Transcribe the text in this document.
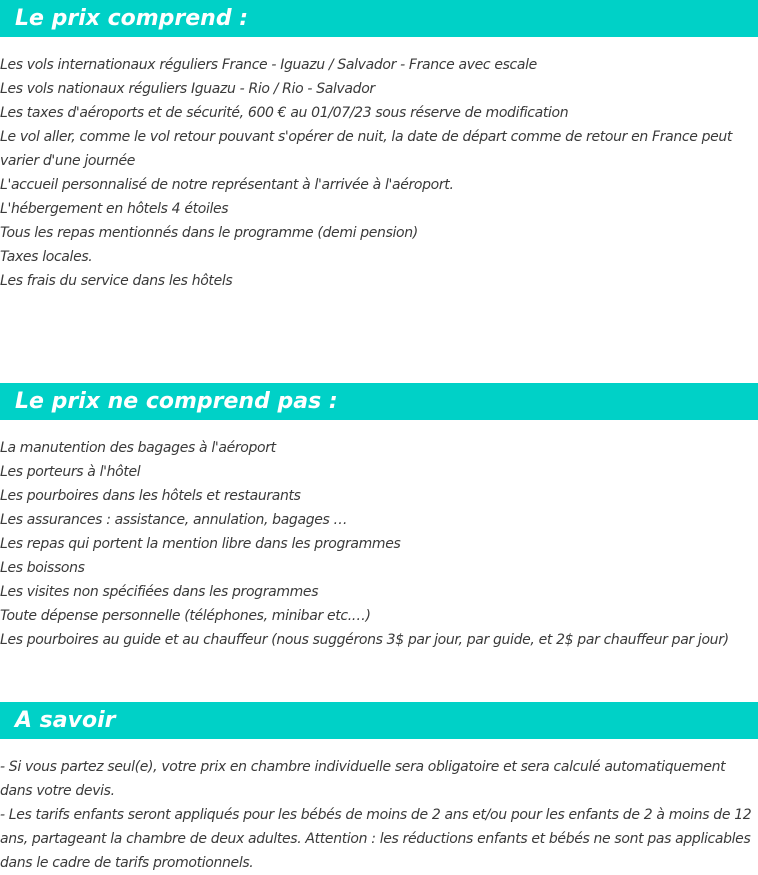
Le prix comprend :
Les vols internationaux réguliers France - Iguazu / Salvador - France avec escale
Les vols nationaux réguliers Iguazu - Rio / Rio - Salvador
Les taxes d'aéroports et de sécurité, 600 € au 01/07/23 sous réserve de modification
Le vol aller, comme le vol retour pouvant s'opérer de nuit, la date de départ comme de retour en France peut varier d'une journée
L'accueil personnalisé de notre représentant à l'arrivée à l'aéroport.
L'hébergement en hôtels 4 étoiles
Tous les repas mentionnés dans le programme (demi pension)
Taxes locales.
Les frais du service dans les hôtels
Le prix ne comprend pas :
La manutention des bagages à l'aéroport
Les porteurs à l'hôtel
Les pourboires dans les hôtels et restaurants
Les assurances : assistance, annulation, bagages …
Les repas qui portent la mention libre dans les programmes
Les boissons
Les visites non spécifiées dans les programmes
Toute dépense personnelle (téléphones, minibar etc.…)
Les pourboires au guide et au chauffeur (nous suggérons 3$ par jour, par guide, et 2$ par chauffeur par jour)
A savoir

- Si vous partez seul(e), votre prix en chambre individuelle sera obligatoire et sera calculé automatiquement dans votre devis.

- Les tarifs enfants seront appliqués pour les bébés de moins de 2 ans et/ou pour les enfants de 2 à moins de 12 ans, partageant la chambre de deux adultes. Attention : les réductions enfants et bébés ne sont pas applicables dans le cadre de tarifs promotionnels.
